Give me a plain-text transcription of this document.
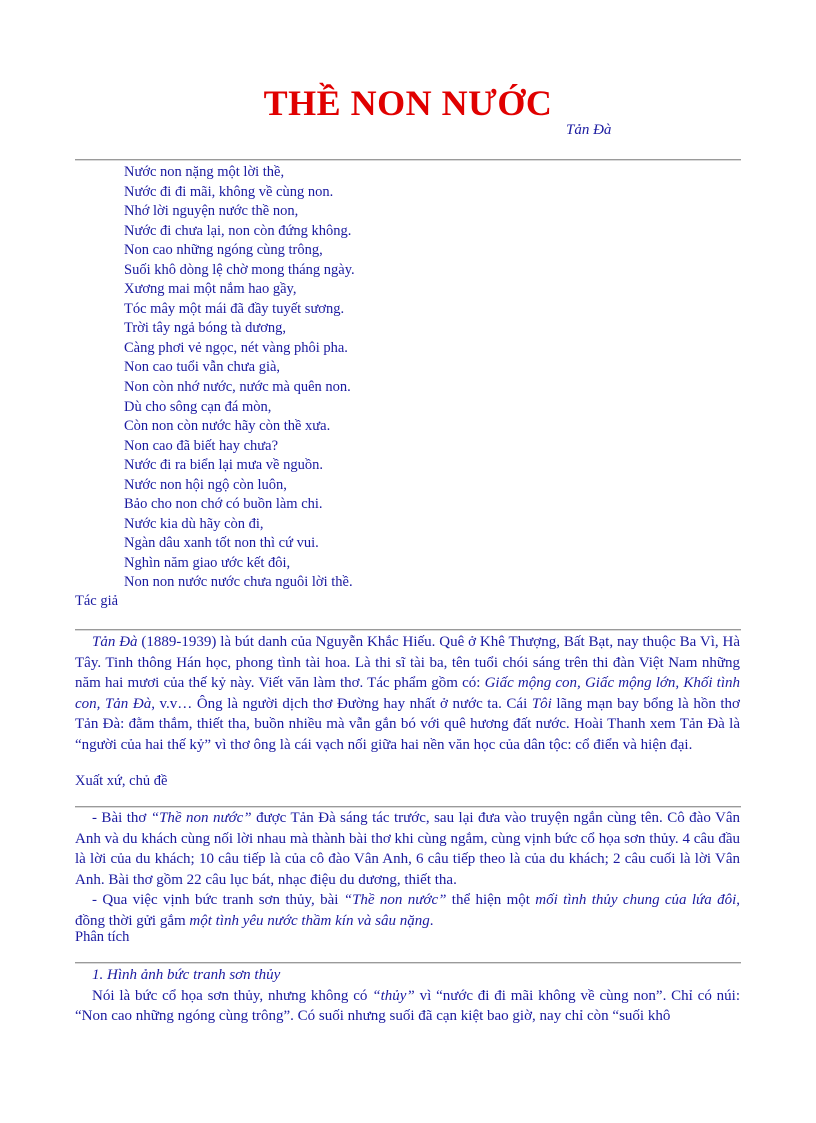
THỀ NON NƯỚC
Tản Đà
Nước non nặng một lời thề,
Nước đi đi mãi, không về cùng non.
Nhớ lời nguyện nước thề non,
Nước đi chưa lại, non còn đứng không.
Non cao những ngóng cùng trông,
Suối khô dòng lệ chờ mong tháng ngày.
Xương mai một nắm hao gầy,
Tóc mây một mái đã đầy tuyết sương.
Trời tây ngả bóng tà dương,
Càng phơi vẻ ngọc, nét vàng phôi pha.
Non cao tuổi vẫn chưa già,
Non còn nhớ nước, nước mà quên non.
Dù cho sông cạn đá mòn,
Còn non còn nước hãy còn thề xưa.
Non cao đã biết hay chưa?
Nước đi ra biển lại mưa về nguồn.
Nước non hội ngộ còn luôn,
Bảo cho non chớ có buồn làm chi.
Nước kia dù hãy còn đi,
Ngàn dâu xanh tốt non thì cứ vui.
Nghìn năm giao ước kết đôi,
Non non nước nước chưa nguôi lời thề.
Tác giả

Tản Đà (1889-1939) là bút danh của Nguyễn Khắc Hiếu. Quê ở Khê Thượng, Bất Bạt, nay thuộc Ba Vì, Hà Tây. Tinh thông Hán học, phong tình tài hoa. Là thi sĩ tài ba, tên tuổi chói sáng trên thi đàn Việt Nam những năm hai mươi của thế kỷ này. Viết văn làm thơ. Tác phẩm gồm có: Giấc mộng con, Giấc mộng lớn, Khối tình con, Tản Đà, v.v… Ông là người dịch thơ Đường hay nhất ở nước ta. Cái Tôi lãng mạn bay bổng là hồn thơ Tản Đà: đằm thắm, thiết tha, buồn nhiều mà vẫn gắn bó với quê hương đất nước. Hoài Thanh xem Tản Đà là “người của hai thế kỷ” vì thơ ông là cái vạch nối giữa hai nền văn học của dân tộc: cổ điển và hiện đại.

Xuất xứ, chủ đề

- Bài thơ “Thề non nước” được Tản Đà sáng tác trước, sau lại đưa vào truyện ngắn cùng tên. Cô đào Vân Anh và du khách cùng nối lời nhau mà thành bài thơ khi cùng ngắm, cùng vịnh bức cổ họa sơn thủy. 4 câu đầu là lời của du khách; 10 câu tiếp là của cô đào Vân Anh, 6 câu tiếp theo là của du khách; 2 câu cuối là lời Vân Anh. Bài thơ gồm 22 câu lục bát, nhạc điệu du dương, thiết tha.

- Qua việc vịnh bức tranh sơn thủy, bài “Thề non nước” thể hiện một mối tình thủy chung của lứa đôi, đồng thời gửi gắm một tình yêu nước thầm kín và sâu nặng.

Phân tích

1. Hình ảnh bức tranh sơn thủy

Nói là bức cổ họa sơn thủy, nhưng không có “thủy” vì “nước đi đi mãi không về cùng non”. Chỉ có núi: “Non cao những ngóng cùng trông”. Có suối nhưng suối đã cạn kiệt bao giờ, nay chỉ còn “suối khô
